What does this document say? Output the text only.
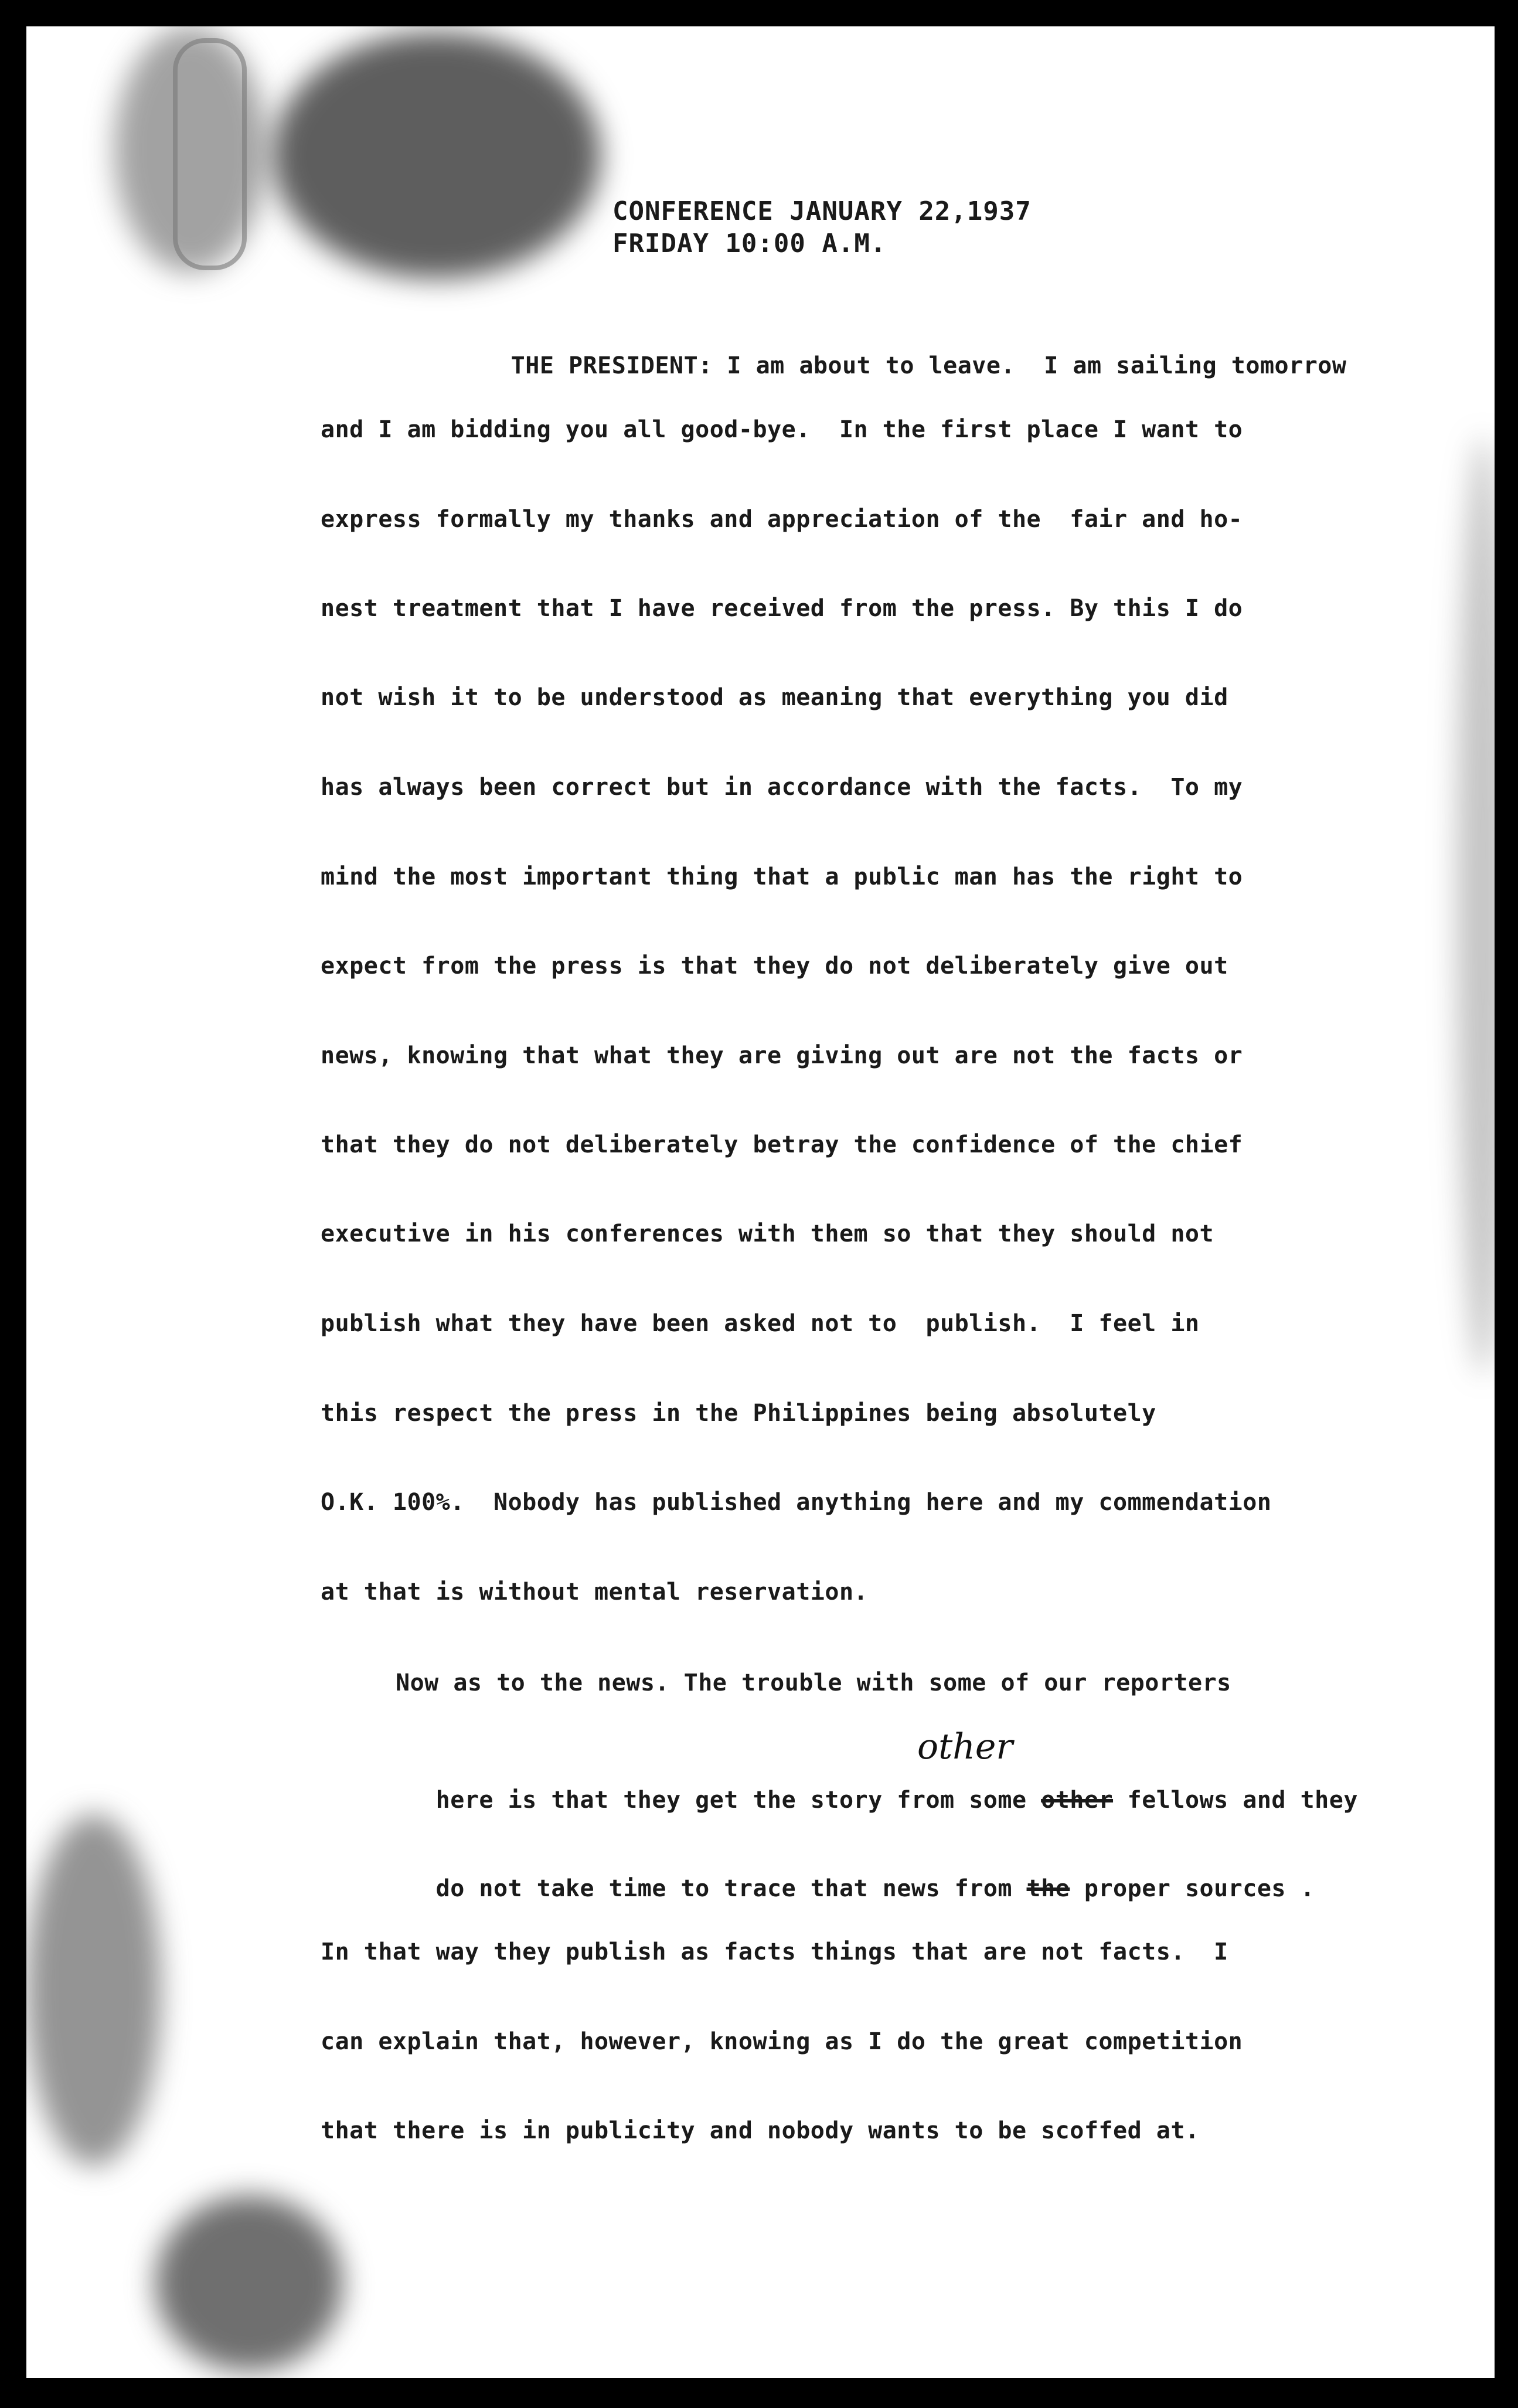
CONFERENCE JANUARY 22,1937
FRIDAY 10:00 A.M.

THE PRESIDENT: I am about to leave.  I am sailing tomorrow

and I am bidding you all good-bye.  In the first place I want to
express formally my thanks and appreciation of the  fair and ho-
nest treatment that I have received from the press. By this I do
not wish it to be understood as meaning that everything you did
has always been correct but in accordance with the facts.  To my
mind the most important thing that a public man has the right to
expect from the press is that they do not deliberately give out
news, knowing that what they are giving out are not the facts or
that they do not deliberately betray the confidence of the chief
executive in his conferences with them so that they should not
publish what they have been asked not to  publish.  I feel in
this respect the press in the Philippines being absolutely
O.K. 100%.  Nobody has published anything here and my commendation
at that is without mental reservation.
Now as to the news. The trouble with some of our reporters
other

here is that they get the story from some other fellows and they

do not take time to trace that news from the proper sources .

In that way they publish as facts things that are not facts.  I
can explain that, however, knowing as I do the great competition
that there is in publicity and nobody wants to be scoffed at.
